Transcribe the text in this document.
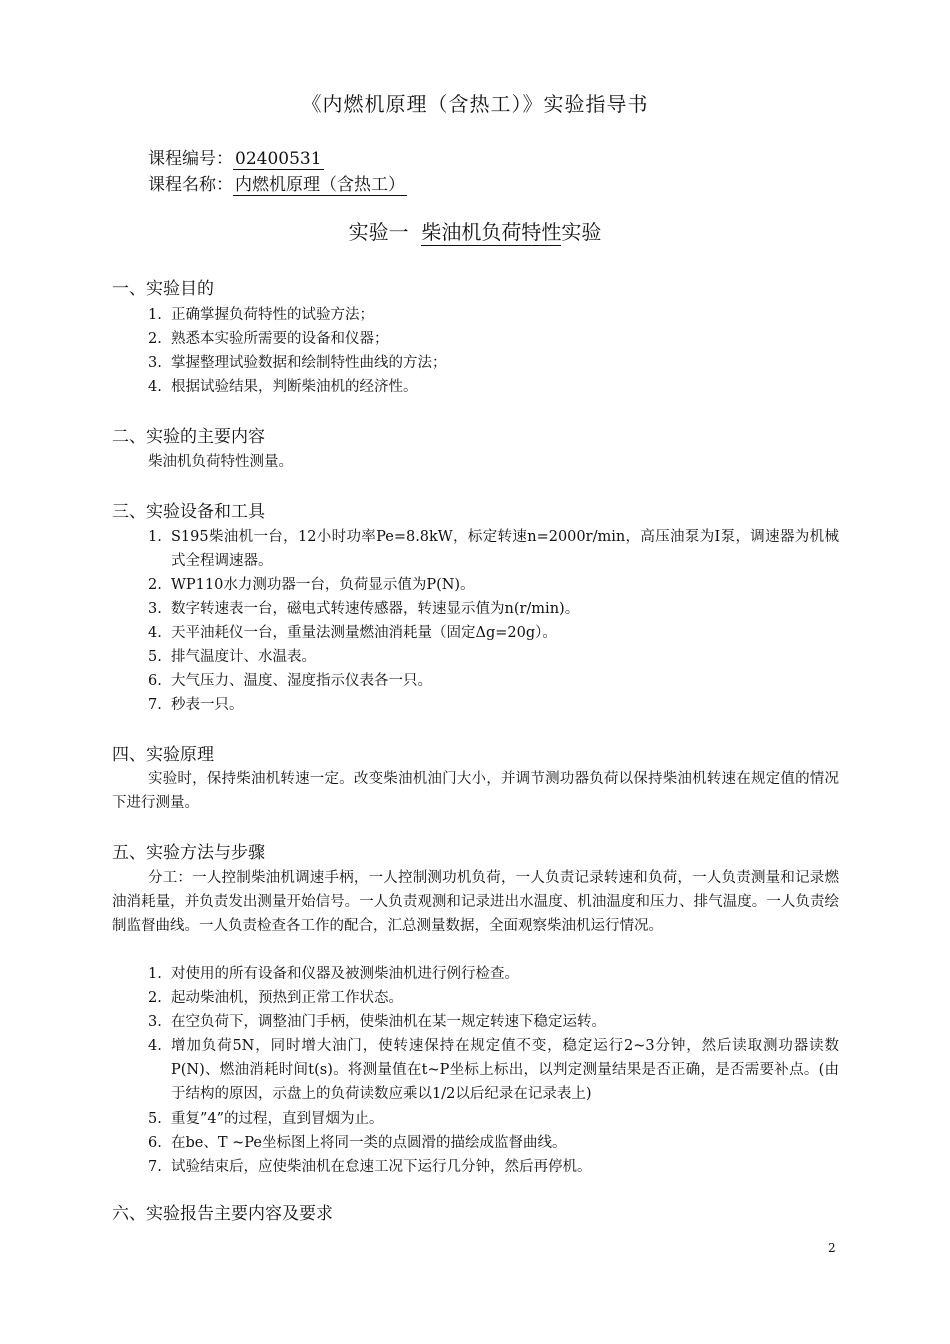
《内燃机原理（含热工）》实验指导书
课程编号： 02400531
课程名称： 内燃机原理（含热工）
实验一 柴油机负荷特性实验
一、实验目的
1. 正确掌握负荷特性的试验方法；
2. 熟悉本实验所需要的设备和仪器；
3. 掌握整理试验数据和绘制特性曲线的方法；
4. 根据试验结果，判断柴油机的经济性。
二、实验的主要内容
柴油机负荷特性测量。
三、实验设备和工具
1. S195柴油机一台，12小时功率Pe=8.8kW，标定转速n=2000r/min，高压油泵为I泵，调速器为机械式全程调速器。
2. WP110水力测功器一台，负荷显示值为P(N)。
3. 数字转速表一台，磁电式转速传感器，转速显示值为n(r/min)。
4. 天平油耗仪一台，重量法测量燃油消耗量（固定Δg=20g）。
5. 排气温度计、水温表。
6. 大气压力、温度、湿度指示仪表各一只。
7. 秒表一只。
四、实验原理
实验时，保持柴油机转速一定。改变柴油机油门大小，并调节测功器负荷以保持柴油机转速在规定值的情况下进行测量。
五、实验方法与步骤
分工：一人控制柴油机调速手柄，一人控制测功机负荷，一人负责记录转速和负荷，一人负责测量和记录燃油消耗量，并负责发出测量开始信号。一人负责观测和记录进出水温度、机油温度和压力、排气温度。一人负责绘制监督曲线。一人负责检查各工作的配合，汇总测量数据，全面观察柴油机运行情况。
1. 对使用的所有设备和仪器及被测柴油机进行例行检查。
2. 起动柴油机，预热到正常工作状态。
3. 在空负荷下，调整油门手柄，使柴油机在某一规定转速下稳定运转。
4. 增加负荷5N，同时增大油门，使转速保持在规定值不变，稳定运行2~3分钟，然后读取测功器读数P(N)、燃油消耗时间t(s)。将测量值在t~P坐标上标出，以判定测量结果是否正确，是否需要补点。(由于结构的原因，示盘上的负荷读数应乘以1/2以后纪录在记录表上)
5. 重复”4”的过程，直到冒烟为止。
6. 在be、T ~Pe坐标图上将同一类的点圆滑的描绘成监督曲线。
7. 试验结束后，应使柴油机在怠速工况下运行几分钟，然后再停机。
六、实验报告主要内容及要求
2
